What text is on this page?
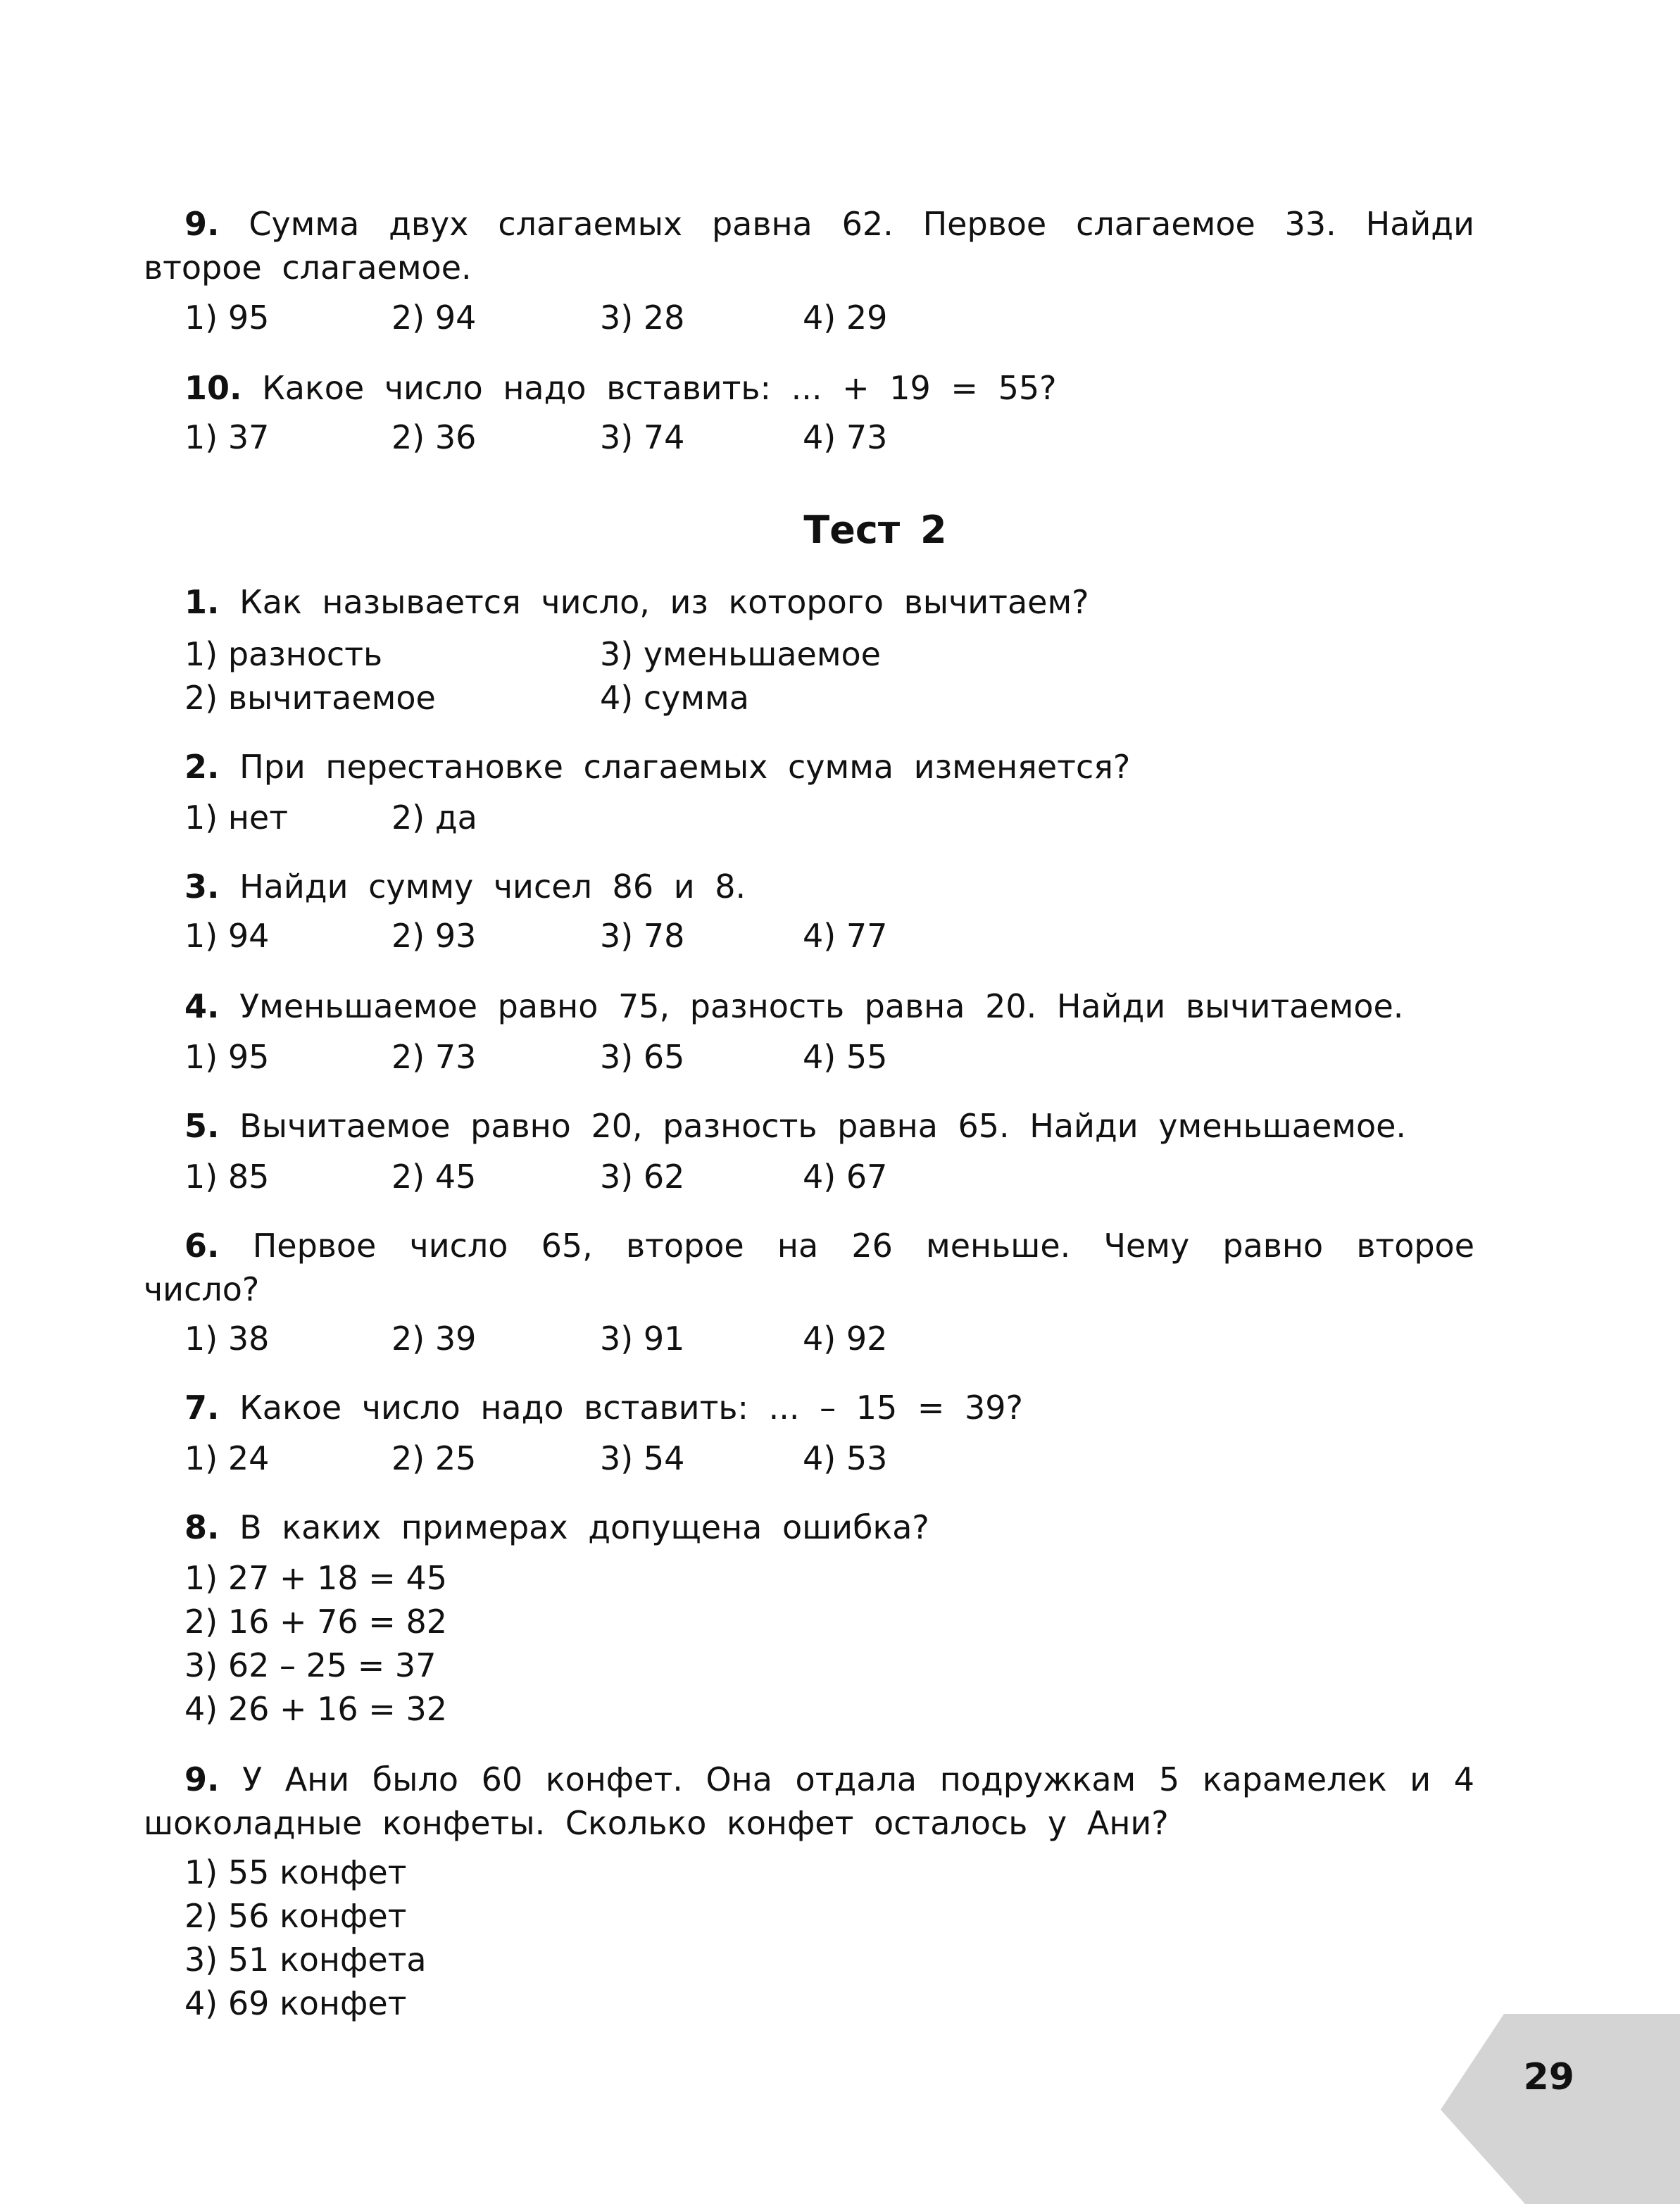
9. Сумма двух слагаемых равна 62. Первое слагаемое 33. Найди второе слагаемое.
1) 95	2) 94	3) 28	4) 29
10. Какое число надо вставить: ... + 19 = 55?
1) 37	2) 36	3) 74	4) 73
Тест 2
1. Как называется число, из которого вычитаем?
1) разность	3) уменьшаемое
2) вычитаемое	4) сумма
2. При перестановке слагаемых сумма изменяется?
1) нет	2) да
3. Найди сумму чисел 86 и 8.
1) 94	2) 93	3) 78	4) 77
4. Уменьшаемое равно 75, разность равна 20. Найди вычитаемое.
1) 95	2) 73	3) 65	4) 55
5. Вычитаемое равно 20, разность равна 65. Найди уменьшаемое.
1) 85	2) 45	3) 62	4) 67
6. Первое число 65, второе на 26 меньше. Чему равно второе число?
1) 38	2) 39	3) 91	4) 92
7. Какое число надо вставить: ... – 15 = 39?
1) 24	2) 25	3) 54	4) 53
8. В каких примерах допущена ошибка?
1) 27 + 18 = 45
2) 16 + 76 = 82
3) 62 – 25 = 37
4) 26 + 16 = 32
9. У Ани было 60 конфет. Она отдала подружкам 5 карамелек и 4 шоколадные конфеты. Сколько конфет осталось у Ани?
1) 55 конфет
2) 56 конфет
3) 51 конфета
4) 69 конфет
29
